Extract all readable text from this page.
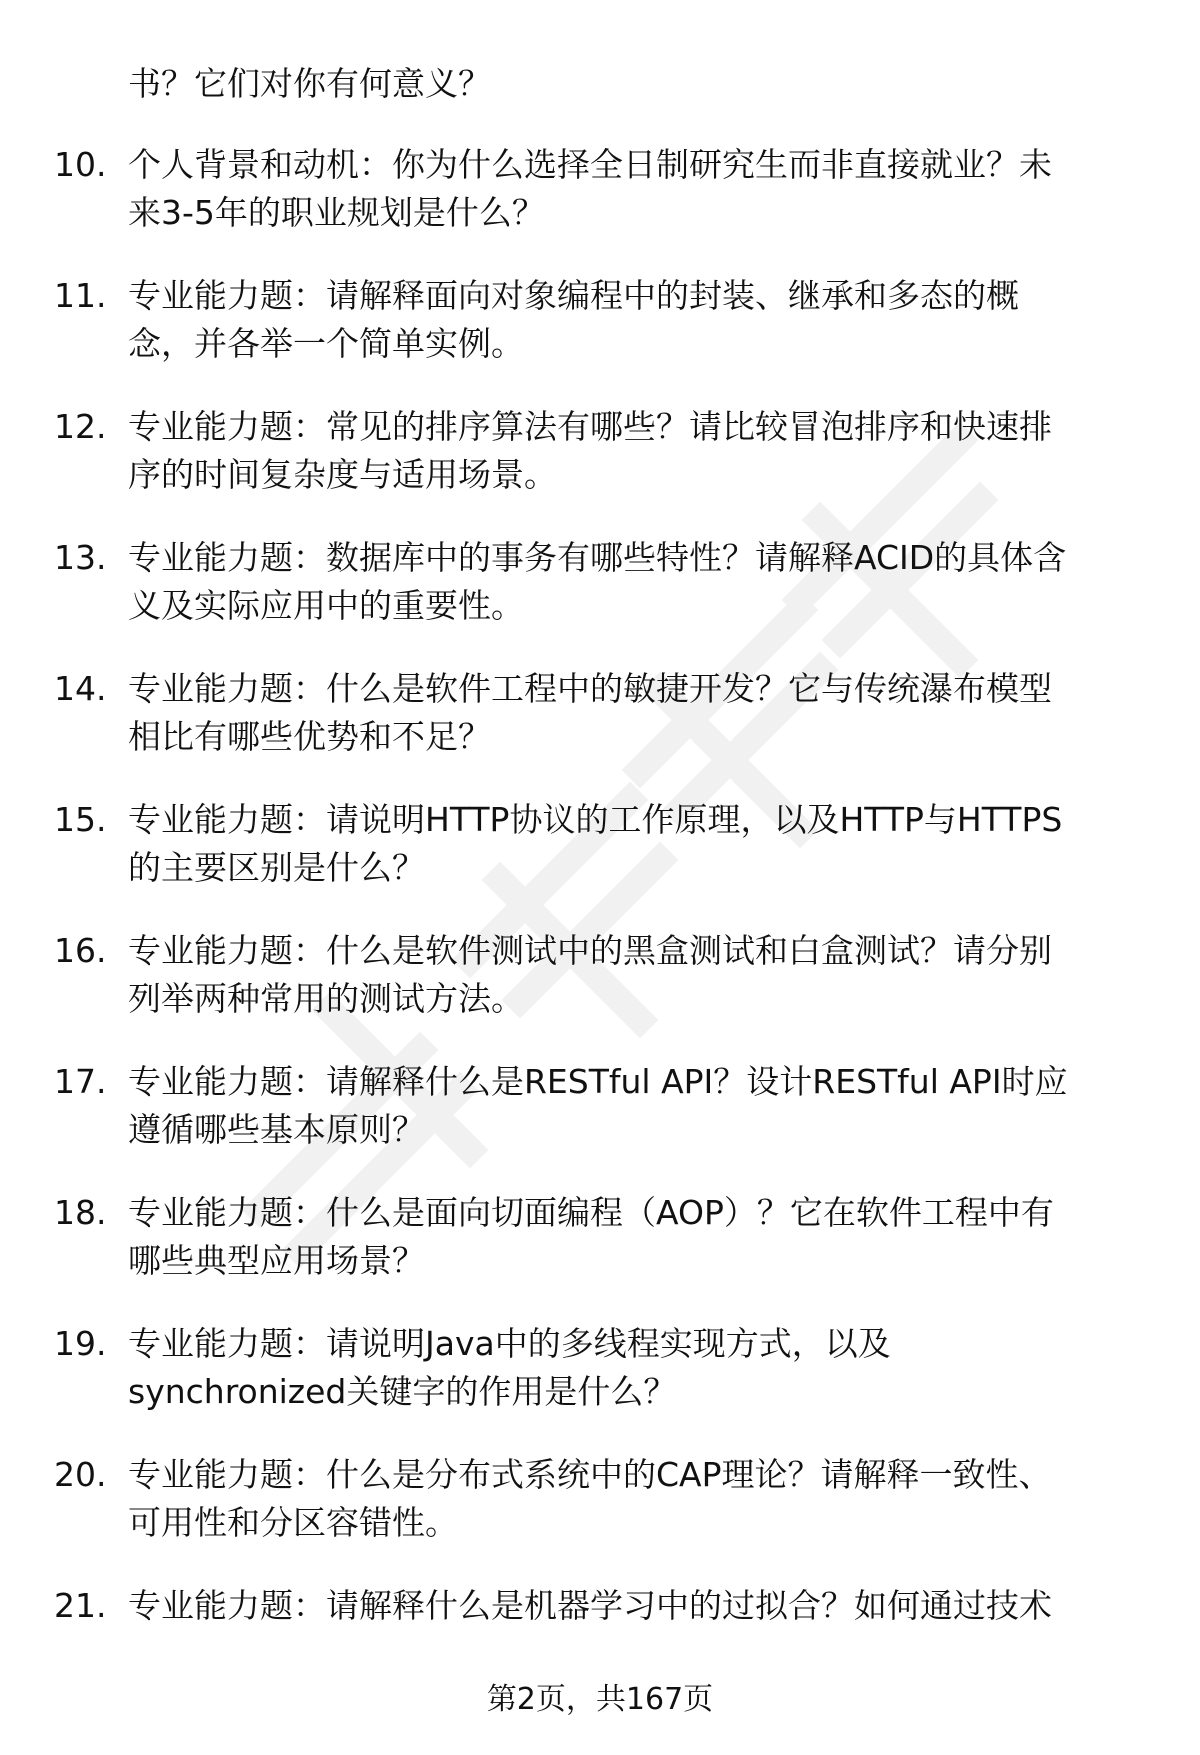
书？它们对你有何意义？
10. 个人背景和动机：你为什么选择全日制研究生而非直接就业？未
来3-5年的职业规划是什么？
11. 专业能力题：请解释面向对象编程中的封装、继承和多态的概
念，并各举一个简单实例。
12. 专业能力题：常见的排序算法有哪些？请比较冒泡排序和快速排
序的时间复杂度与适用场景。
13. 专业能力题：数据库中的事务有哪些特性？请解释ACID的具体含
义及实际应用中的重要性。
14. 专业能力题：什么是软件工程中的敏捷开发？它与传统瀑布模型
相比有哪些优势和不足？
15. 专业能力题：请说明HTTP协议的工作原理，以及HTTP与HTTPS
的主要区别是什么？
16. 专业能力题：什么是软件测试中的黑盒测试和白盒测试？请分别
列举两种常用的测试方法。
17. 专业能力题：请解释什么是RESTful API？设计RESTful API时应
遵循哪些基本原则？
18. 专业能力题：什么是面向切面编程（AOP）？它在软件工程中有
哪些典型应用场景？
19. 专业能力题：请说明Java中的多线程实现方式，以及
synchronized关键字的作用是什么？
20. 专业能力题：什么是分布式系统中的CAP理论？请解释一致性、
可用性和分区容错性。
21. 专业能力题：请解释什么是机器学习中的过拟合？如何通过技术
第2页，共167页
